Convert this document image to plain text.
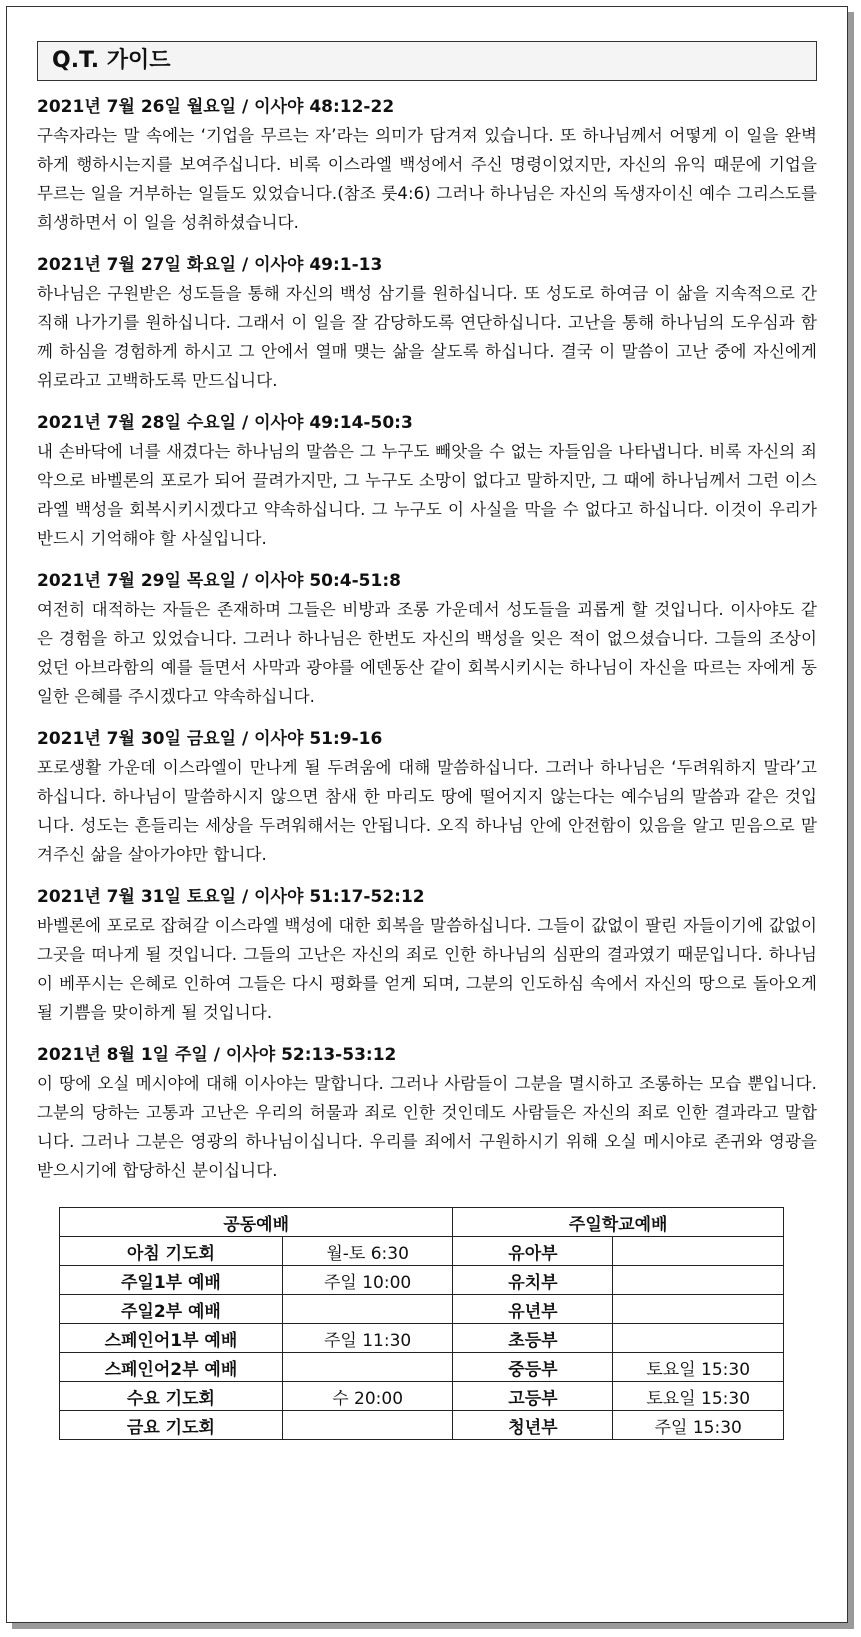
Q.T. 가이드

2021년 7월 26일 월요일 / 이사야 48:12-22

구속자라는 말 속에는 ‘기업을 무르는 자’라는 의미가 담겨져 있습니다. 또 하나님께서 어떻게 이 일을 완벽하게 행하시는지를 보여주십니다. 비록 이스라엘 백성에서 주신 명령이었지만, 자신의 유익 때문에 기업을 무르는 일을 거부하는 일들도 있었습니다.(참조 룻4:6) 그러나 하나님은 자신의 독생자이신 예수 그리스도를 희생하면서 이 일을 성취하셨습니다.

2021년 7월 27일 화요일 / 이사야 49:1-13

하나님은 구원받은 성도들을 통해 자신의 백성 삼기를 원하십니다. 또 성도로 하여금 이 삶을 지속적으로 간직해 나가기를 원하십니다. 그래서 이 일을 잘 감당하도록 연단하십니다. 고난을 통해 하나님의 도우심과 함께 하심을 경험하게 하시고 그 안에서 열매 맺는 삶을 살도록 하십니다. 결국 이 말씀이 고난 중에 자신에게 위로라고 고백하도록 만드십니다.

2021년 7월 28일 수요일 / 이사야 49:14-50:3

내 손바닥에 너를 새겼다는 하나님의 말씀은 그 누구도 빼앗을 수 없는 자들임을 나타냅니다. 비록 자신의 죄악으로 바벨론의 포로가 되어 끌려가지만, 그 누구도 소망이 없다고 말하지만, 그 때에 하나님께서 그런 이스라엘 백성을 회복시키시겠다고 약속하십니다. 그 누구도 이 사실을 막을 수 없다고 하십니다. 이것이 우리가 반드시 기억해야 할 사실입니다.

2021년 7월 29일 목요일 / 이사야 50:4-51:8

여전히 대적하는 자들은 존재하며 그들은 비방과 조롱 가운데서 성도들을 괴롭게 할 것입니다. 이사야도 같은 경험을 하고 있었습니다. 그러나 하나님은 한번도 자신의 백성을 잊은 적이 없으셨습니다. 그들의 조상이었던 아브라함의 예를 들면서 사막과 광야를 에덴동산 같이 회복시키시는 하나님이 자신을 따르는 자에게 동일한 은혜를 주시겠다고 약속하십니다.

2021년 7월 30일 금요일 / 이사야 51:9-16

포로생활 가운데 이스라엘이 만나게 될 두려움에 대해 말씀하십니다. 그러나 하나님은 ‘두려워하지 말라’고 하십니다. 하나님이 말씀하시지 않으면 참새 한 마리도 땅에 떨어지지 않는다는 예수님의 말씀과 같은 것입니다. 성도는 흔들리는 세상을 두려워해서는 안됩니다. 오직 하나님 안에 안전함이 있음을 알고 믿음으로 맡겨주신 삶을 살아가야만 합니다.

2021년 7월 31일 토요일 / 이사야 51:17-52:12

바벨론에 포로로 잡혀갈 이스라엘 백성에 대한 회복을 말씀하십니다. 그들이 값없이 팔린 자들이기에 값없이 그곳을 떠나게 될 것입니다. 그들의 고난은 자신의 죄로 인한 하나님의 심판의 결과였기 때문입니다. 하나님이 베푸시는 은혜로 인하여 그들은 다시 평화를 얻게 되며, 그분의 인도하심 속에서 자신의 땅으로 돌아오게 될 기쁨을 맞이하게 될 것입니다.

2021년 8월 1일 주일 / 이사야 52:13-53:12

이 땅에 오실 메시야에 대해 이사야는 말합니다. 그러나 사람들이 그분을 멸시하고 조롱하는 모습 뿐입니다. 그분의 당하는 고통과 고난은 우리의 허물과 죄로 인한 것인데도 사람들은 자신의 죄로 인한 결과라고 말합니다. 그러나 그분은 영광의 하나님이십니다. 우리를 죄에서 구원하시기 위해 오실 메시야로 존귀와 영광을 받으시기에 합당하신 분이십니다.

공동예배		주일학교예배	
아침 기도회	월-토 6:30	유아부	
주일1부 예배	주일 10:00	유치부	
주일2부 예배		유년부	
스페인어1부 예배	주일 11:30	초등부	
스페인어2부 예배		중등부	토요일 15:30
수요 기도회	수 20:00	고등부	토요일 15:30
금요 기도회		청년부	주일 15:30
